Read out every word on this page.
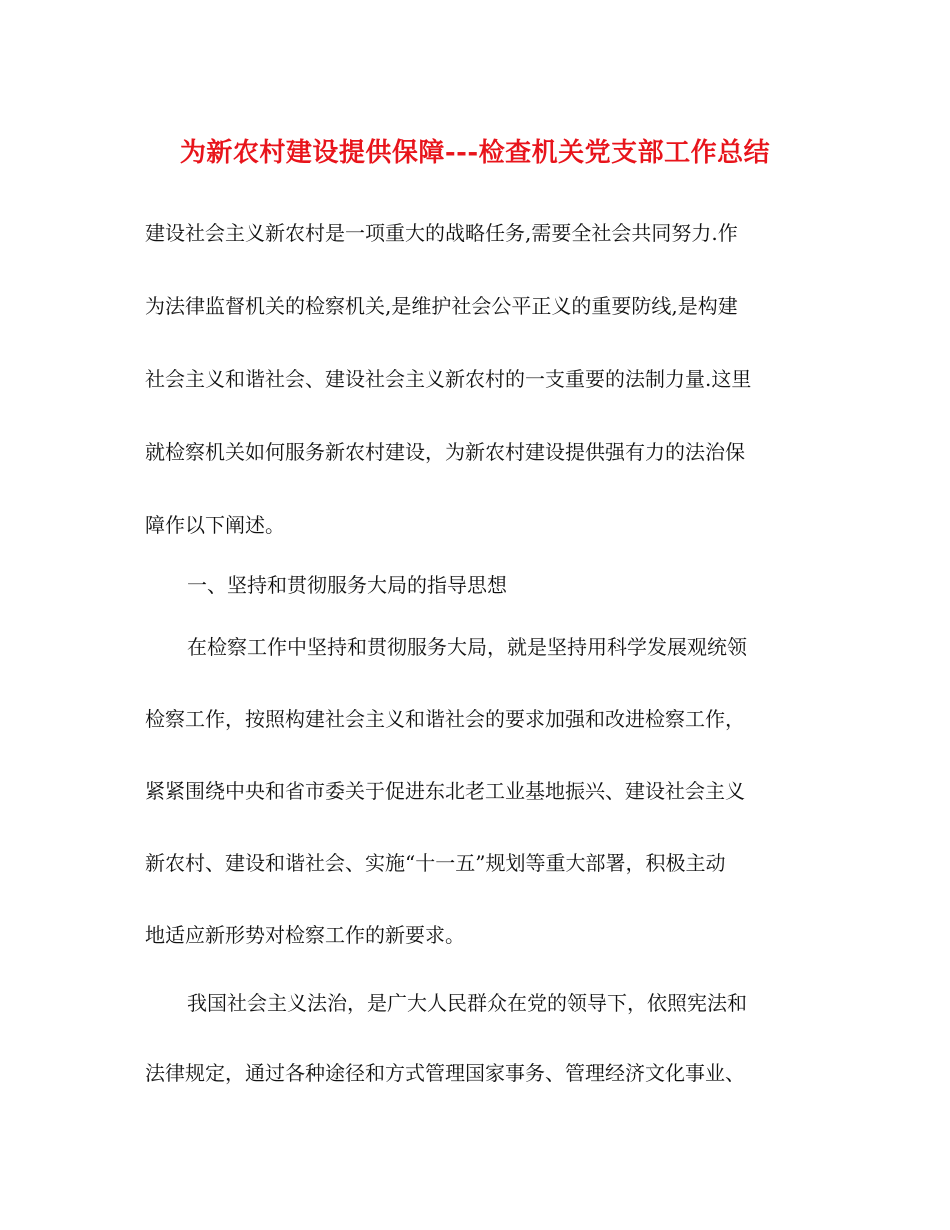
为新农村建设提供保障---检查机关党支部工作总结
建设社会主义新农村是一项重大的战略任务,需要全社会共同努力.作
为法律监督机关的检察机关,是维护社会公平正义的重要防线,是构建
社会主义和谐社会、建设社会主义新农村的一支重要的法制力量.这里
就检察机关如何服务新农村建设，为新农村建设提供强有力的法治保
障作以下阐述。
一、坚持和贯彻服务大局的指导思想
在检察工作中坚持和贯彻服务大局，就是坚持用科学发展观统领
检察工作，按照构建社会主义和谐社会的要求加强和改进检察工作，
紧紧围绕中央和省市委关于促进东北老工业基地振兴、建设社会主义
新农村、建设和谐社会、实施“十一五”规划等重大部署，积极主动
地适应新形势对检察工作的新要求。
我国社会主义法治，是广大人民群众在党的领导下，依照宪法和
法律规定，通过各种途径和方式管理国家事务、管理经济文化事业、
